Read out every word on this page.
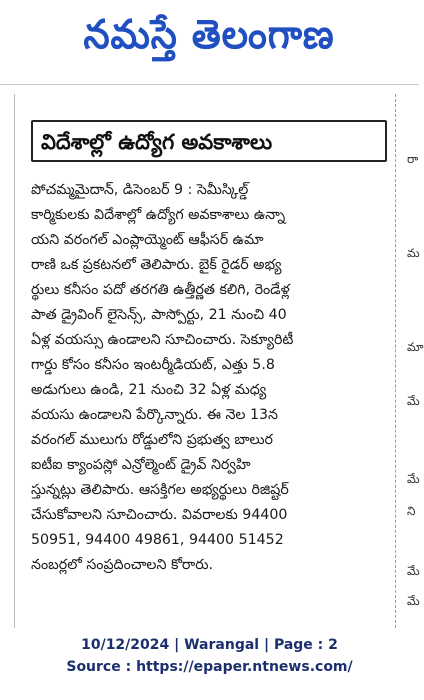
నమస్తే తెలంగాణ
విదేశాల్లో ఉద్యోగ అవకాశాలు
పోచమ్మమైదాన్, డిసెంబర్ 9 : సెమీస్కిల్డ్
కార్మికులకు విదేశాల్లో ఉద్యోగ అవకాశాలు ఉన్నా
యని వరంగల్ ఎంప్లాయ్మెంట్ ఆఫీసర్ ఉమా
రాణి ఒక ప్రకటనలో తెలిపారు. బైక్ రైడర్ అభ్య
ర్థులు కనీసం పదో తరగతి ఉత్తీర్ణత కలిగి, రెండేళ్ల
పాత డ్రైవింగ్ లైసెన్స్, పాస్పోర్టు, 21 నుంచి 40
ఏళ్ల వయస్సు ఉండాలని సూచించారు. సెక్యూరిటీ
గార్డు కోసం కనీసం ఇంటర్మీడియట్, ఎత్తు 5.8
అడుగులు ఉండి, 21 నుంచి 32 ఏళ్ల మధ్య
వయసు ఉండాలని పేర్కొన్నారు. ఈ నెల 13న
వరంగల్ ములుగు రోడ్డులోని ప్రభుత్వ బాలుర
ఐటీఐ క్యాంపస్లో ఎన్రోల్మెంట్ డ్రైవ్ నిర్వహి
స్తున్నట్లు తెలిపారు. ఆసక్తిగల అభ్యర్థులు రిజిష్టర్
చేసుకోవాలని సూచించారు. వివరాలకు 94400
50951, 94400 49861, 94400 51452
నంబర్లలో సంప్రదించాలని కోరారు.
రా
మ
మా
మే
మే
ని
మే
మే
10/12/2024 | Warangal | Page : 2
Source : https://epaper.ntnews.com/
